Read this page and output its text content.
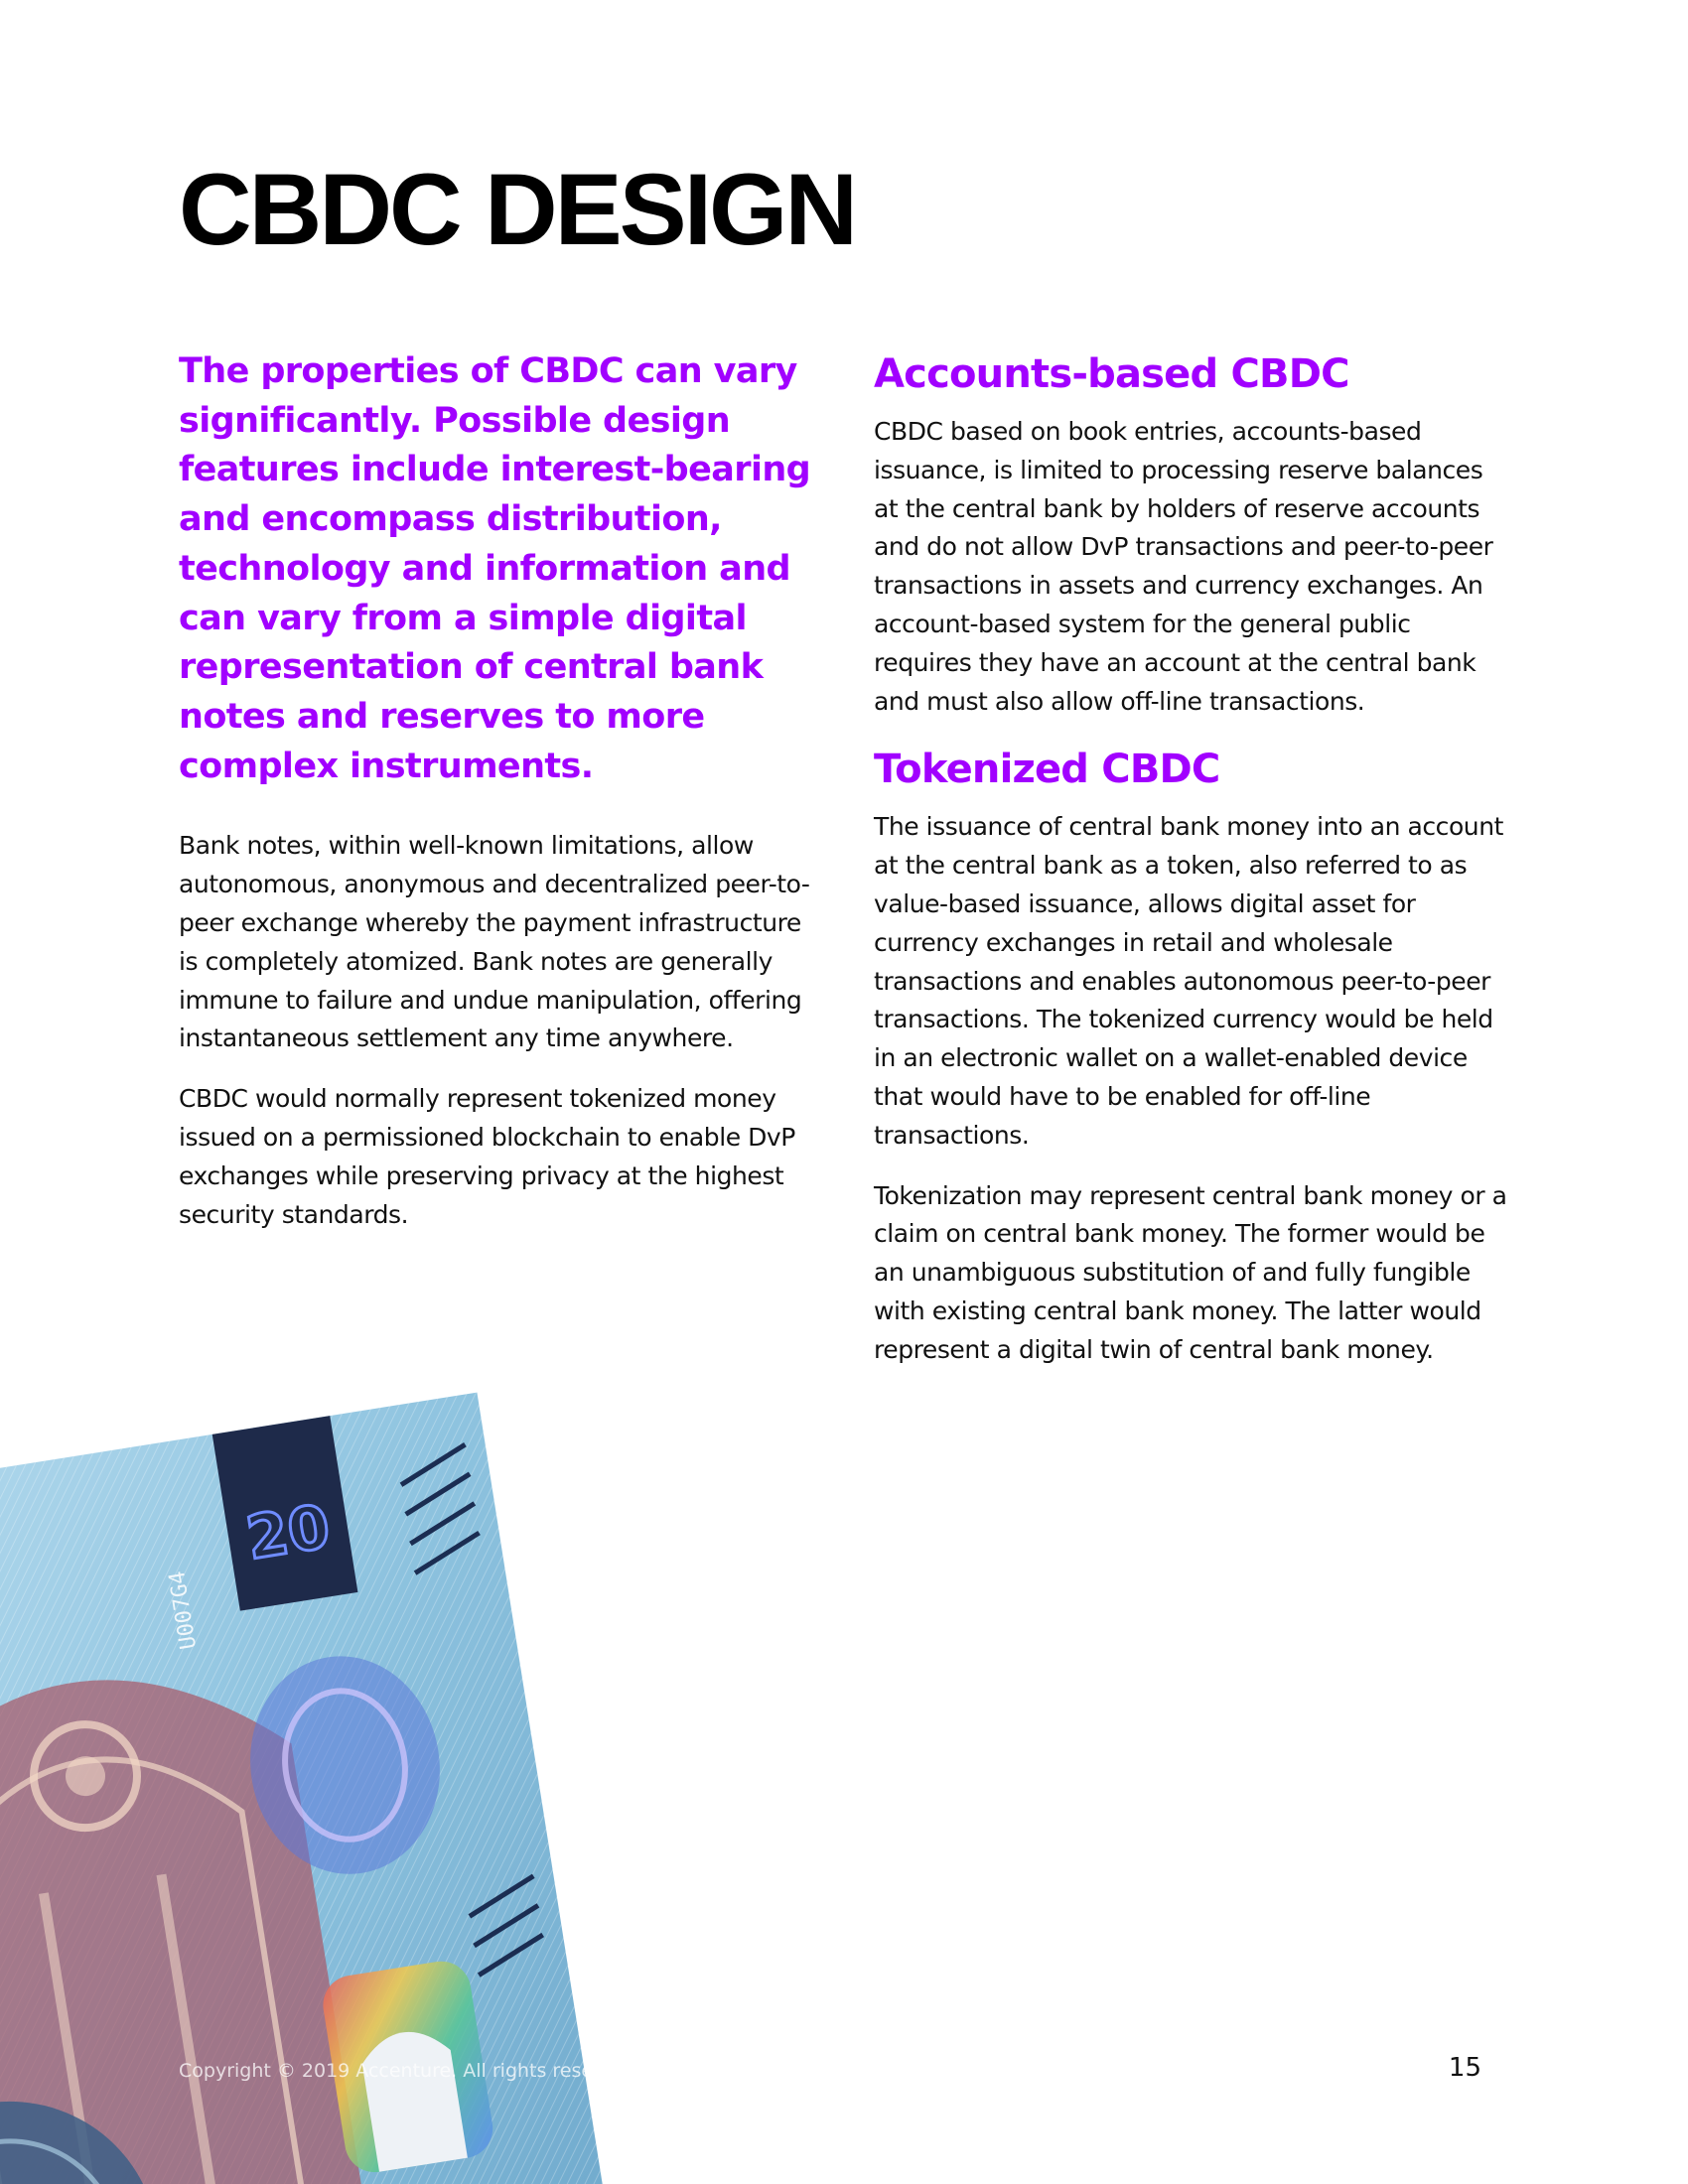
CBDC DESIGN

The properties of CBDC can vary significantly. Possible design features include interest-bearing and encompass distribution, technology and information and can vary from a simple digital representation of central bank notes and reserves to more complex instruments.

Bank notes, within well-known limitations, allow autonomous, anonymous and decentralized peer-to-peer exchange whereby the payment infrastructure is completely atomized. Bank notes are generally immune to failure and undue manipulation, offering instantaneous settlement any time anywhere.

CBDC would normally represent tokenized money issued on a permissioned blockchain to enable DvP exchanges while preserving privacy at the highest security standards.

Accounts-based CBDC

CBDC based on book entries, accounts-based issuance, is limited to processing reserve balances at the central bank by holders of reserve accounts and do not allow DvP transactions and peer-to-peer transactions in assets and currency exchanges. An account-based system for the general public requires they have an account at the central bank and must also allow off-line transactions.

Tokenized CBDC

The issuance of central bank money into an account at the central bank as a token, also referred to as value-based issuance, allows digital asset for currency exchanges in retail and wholesale transactions and enables autonomous peer-to-peer transactions. The tokenized currency would be held in an electronic wallet on a wallet-enabled device that would have to be enabled for off-line transactions.

Tokenization may represent central bank money or a claim on central bank money. The former would be an unambiguous substitution of and fully fungible with existing central bank money. The latter would represent a digital twin of central bank money.

20
U007G4
Copyright © 2019 Accenture. All rights reserved.	15
